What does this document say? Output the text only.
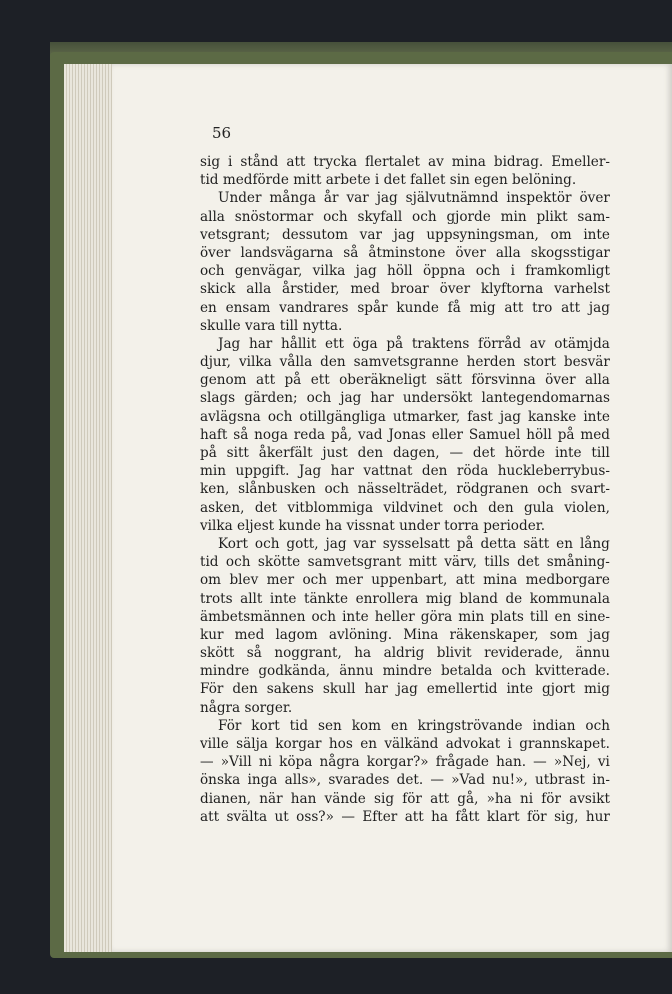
56
sig i stånd att trycka flertalet av mina bidrag. Emeller-
tid medförde mitt arbete i det fallet sin egen belöning.
Under många år var jag självutnämnd inspektör över
alla snöstormar och skyfall och gjorde min plikt sam-
vetsgrant; dessutom var jag uppsyningsman, om inte
över landsvägarna så åtminstone över alla skogsstigar
och genvägar, vilka jag höll öppna och i framkomligt
skick alla årstider, med broar över klyftorna varhelst
en ensam vandrares spår kunde få mig att tro att jag
skulle vara till nytta.
Jag har hållit ett öga på traktens förråd av otämjda
djur, vilka vålla den samvetsgranne herden stort besvär
genom att på ett oberäkneligt sätt försvinna över alla
slags gärden; och jag har undersökt lantegendomarnas
avlägsna och otillgängliga utmarker, fast jag kanske inte
haft så noga reda på, vad Jonas eller Samuel höll på med
på sitt åkerfält just den dagen, — det hörde inte till
min uppgift. Jag har vattnat den röda huckleberrybus-
ken, slånbusken och nässelträdet, rödgranen och svart-
asken, det vitblommiga vildvinet och den gula violen,
vilka eljest kunde ha vissnat under torra perioder.
Kort och gott, jag var sysselsatt på detta sätt en lång
tid och skötte samvetsgrant mitt värv, tills det småning-
om blev mer och mer uppenbart, att mina medborgare
trots allt inte tänkte enrollera mig bland de kommunala
ämbetsmännen och inte heller göra min plats till en sine-
kur med lagom avlöning. Mina räkenskaper, som jag
skött så noggrant, ha aldrig blivit reviderade, ännu
mindre godkända, ännu mindre betalda och kvitterade.
För den sakens skull har jag emellertid inte gjort mig
några sorger.
För kort tid sen kom en kringströvande indian och
ville sälja korgar hos en välkänd advokat i grannskapet.
— »Vill ni köpa några korgar?» frågade han. — »Nej, vi
önska inga alls», svarades det. — »Vad nu!», utbrast in-
dianen, när han vände sig för att gå, »ha ni för avsikt
att svälta ut oss?» — Efter att ha fått klart för sig, hur
